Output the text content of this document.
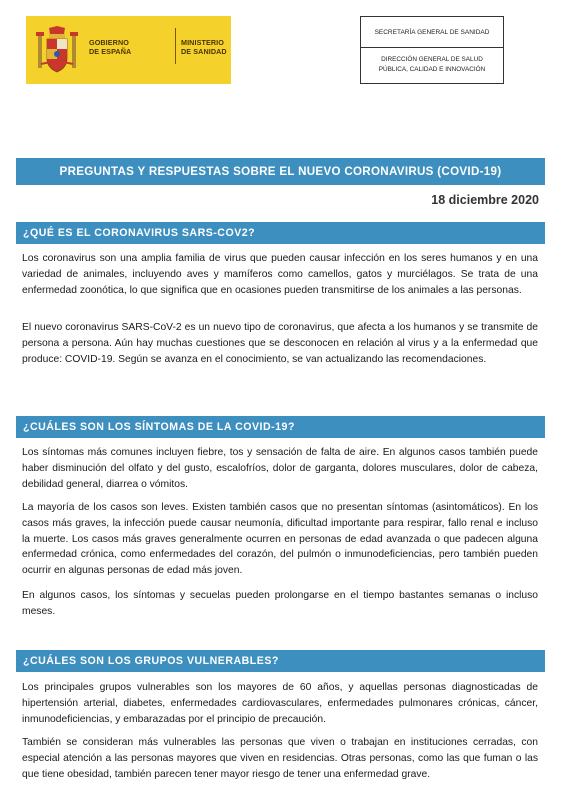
GOBIERNO
DE ESPAÑA
MINISTERIO
DE SANIDAD
SECRETARÍA GENERAL DE SANIDAD
DIRECCIÓN GENERAL DE SALUD
PÚBLICA, CALIDAD E INNOVACIÓN
PREGUNTAS Y RESPUESTAS SOBRE EL NUEVO CORONAVIRUS (COVID-19)
18 diciembre 2020
¿QUÉ ES EL CORONAVIRUS SARS-COV2?

Los coronavirus son una amplia familia de virus que pueden causar infección en los seres humanos y en una variedad de animales, incluyendo aves y mamíferos como camellos, gatos y murciélagos. Se trata de una enfermedad zoonótica, lo que significa que en ocasiones pueden transmitirse de los animales a las personas.

El nuevo coronavirus SARS-CoV-2 es un nuevo tipo de coronavirus, que afecta a los humanos y se transmite de persona a persona. Aún hay muchas cuestiones que se desconocen en relación al virus y a la enfermedad que produce: COVID-19. Según se avanza en el conocimiento, se van actualizando las recomendaciones.

¿CUÁLES SON LOS SÍNTOMAS DE LA COVID-19?

Los síntomas más comunes incluyen fiebre, tos y sensación de falta de aire. En algunos casos también puede haber disminución del olfato y del gusto, escalofríos, dolor de garganta, dolores musculares, dolor de cabeza, debilidad general, diarrea o vómitos.

La mayoría de los casos son leves. Existen también casos que no presentan síntomas (asintomáticos). En los casos más graves, la infección puede causar neumonía, dificultad importante para respirar, fallo renal e incluso la muerte. Los casos más graves generalmente ocurren en personas de edad avanzada o que padecen alguna enfermedad crónica, como enfermedades del corazón, del pulmón o inmunodeficiencias, pero también pueden ocurrir en algunas personas de edad más joven.

En algunos casos, los síntomas y secuelas pueden prolongarse en el tiempo bastantes semanas o incluso meses.

¿CUÁLES SON LOS GRUPOS VULNERABLES?

Los principales grupos vulnerables son los mayores de 60 años, y aquellas personas diagnosticadas de hipertensión arterial, diabetes, enfermedades cardiovasculares, enfermedades pulmonares crónicas, cáncer, inmunodeficiencias, y embarazadas por el principio de precaución.

También se consideran más vulnerables las personas que viven o trabajan en instituciones cerradas, con especial atención a las personas mayores que viven en residencias. Otras personas, como las que fuman o las que tiene obesidad, también parecen tener mayor riesgo de tener una enfermedad grave.
